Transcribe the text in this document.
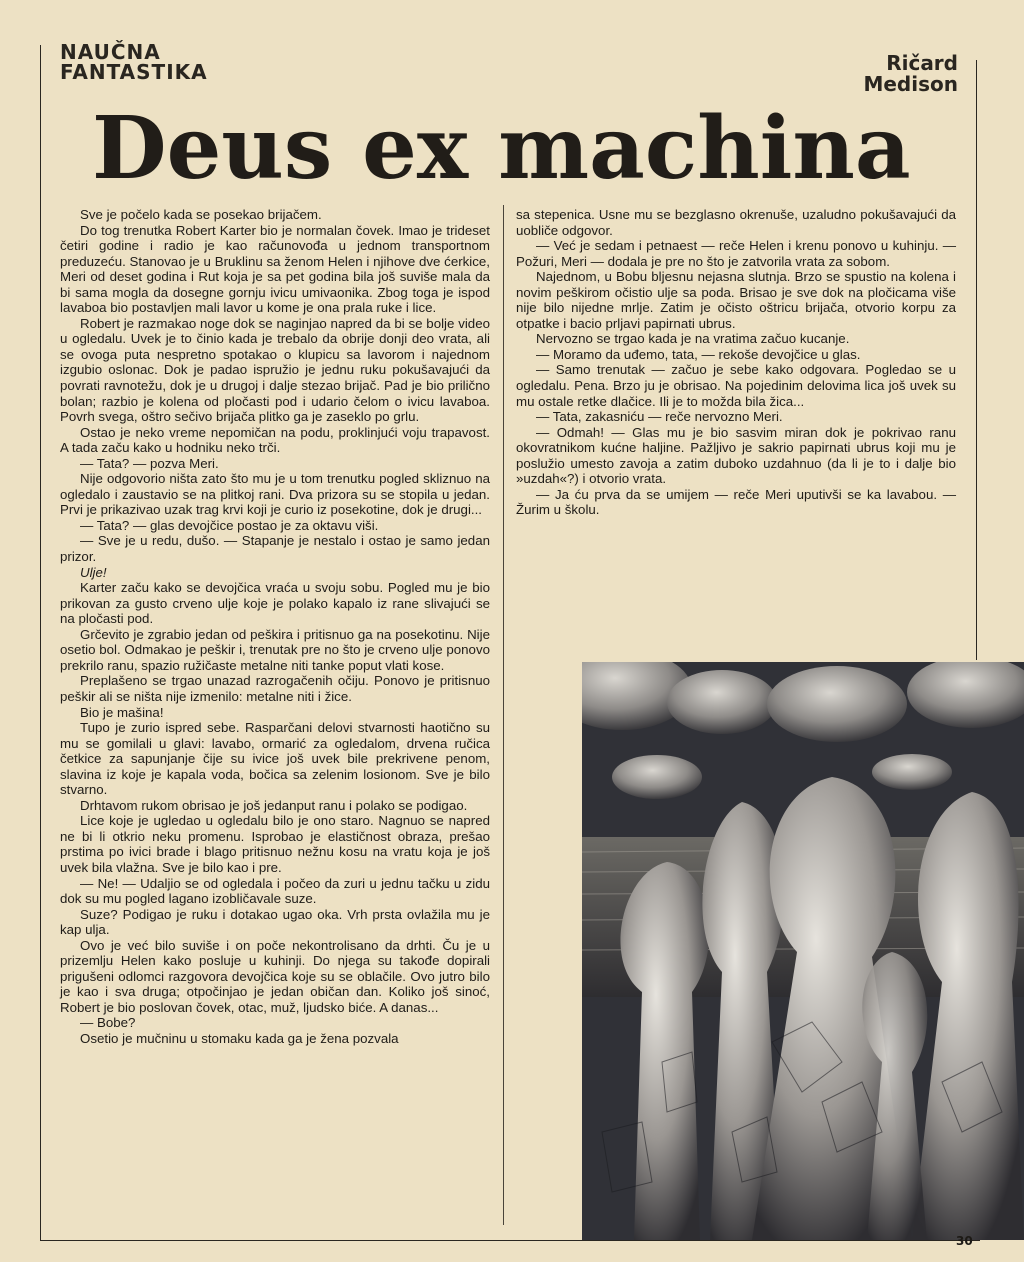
NAUČNA
FANTASTIKA	Ričard
Medison
Deus ex machina

Sve je počelo kada se posekao brijačem.

Do tog trenutka Robert Karter bio je normalan čovek. Imao je trideset četiri godine i radio je kao računovođa u jednom transportnom preduzeću. Stanovao je u Bruklinu sa ženom Helen i njihove dve ćerkice, Meri od deset godina i Rut koja je sa pet godina bila još suviše mala da bi sama mogla da dosegne gornju ivicu umivaonika. Zbog toga je ispod lavaboa bio postavljen mali lavor u kome je ona prala ruke i lice.

Robert je razmakao noge dok se naginjao napred da bi se bolje video u ogledalu. Uvek je to činio kada je trebalo da obrije donji deo vrata, ali se ovoga puta nespretno spotakao o klupicu sa lavorom i najednom izgubio oslonac. Dok je padao ispružio je jednu ruku pokušavajući da povrati ravnotežu, dok je u drugoj i dalje stezao brijač. Pad je bio prilično bolan; razbio je kolena od pločasti pod i udario čelom o ivicu lavaboa. Povrh svega, oštro sečivo brijača plitko ga je zaseklo po grlu.

Ostao je neko vreme nepomičan na podu, proklinjući voju trapavost. A tada začu kako u hodniku neko trči.

— Tata? — pozva Meri.

Nije odgovorio ništa zato što mu je u tom trenutku pogled skliznuo na ogledalo i zaustavio se na plitkoj rani. Dva prizora su se stopila u jedan. Prvi je prikazivao uzak trag krvi koji je curio iz posekotine, dok je drugi...

— Tata? — glas devojčice postao je za oktavu viši.

— Sve je u redu, dušo. — Stapanje je nestalo i ostao je samo jedan prizor.

Ulje!

Karter začu kako se devojčica vraća u svoju sobu. Pogled mu je bio prikovan za gusto crveno ulje koje je polako kapalo iz rane slivajući se na pločasti pod.

Grčevito je zgrabio jedan od peškira i pritisnuo ga na posekotinu. Nije osetio bol. Odmakao je peškir i, trenutak pre no što je crveno ulje ponovo prekrilo ranu, spazio ružičaste metalne niti tanke poput vlati kose.

Preplašeno se trgao unazad razrogačenih očiju. Ponovo je pritisnuo peškir ali se ništa nije izmenilo: metalne niti i žice.

Bio je mašina!

Tupo je zurio ispred sebe. Rasparčani delovi stvarnosti haotično su mu se gomilali u glavi: lavabo, ormarić za ogledalom, drvena ručica četkice za sapunjanje čije su ivice još uvek bile prekrivene penom, slavina iz koje je kapala voda, bočica sa zelenim losionom. Sve je bilo stvarno.

Drhtavom rukom obrisao je još jedanput ranu i polako se podigao.

Lice koje je ugledao u ogledalu bilo je ono staro. Nagnuo se napred ne bi li otkrio neku promenu. Isprobao je elastičnost obraza, prešao prstima po ivici brade i blago pritisnuo nežnu kosu na vratu koja je još uvek bila vlažna. Sve je bilo kao i pre.

— Ne! — Udaljio se od ogledala i počeo da zuri u jednu tačku u zidu dok su mu pogled lagano izobličavale suze.

Suze? Podigao je ruku i dotakao ugao oka. Vrh prsta ovlažila mu je kap ulja.

Ovo je već bilo suviše i on poče nekontrolisano da drhti. Ču je u prizemlju Helen kako posluje u kuhinji. Do njega su takođe dopirali prigušeni odlomci razgovora devojčica koje su se oblačile. Ovo jutro bilo je kao i sva druga; otpočinjao je jedan običan dan. Koliko još sinoć, Robert je bio poslovan čovek, otac, muž, ljudsko biće. A danas...

— Bobe?

Osetio je mučninu u stomaku kada ga je žena pozvala

sa stepenica. Usne mu se bezglasno okrenuše, uzaludno pokušavajući da uobliče odgovor.

— Već je sedam i petnaest — reče Helen i krenu ponovo u kuhinju. — Požuri, Meri — dodala je pre no što je zatvorila vrata za sobom.

Najednom, u Bobu bljesnu nejasna slutnja. Brzo se spustio na kolena i novim peškirom očistio ulje sa poda. Brisao je sve dok na pločicama više nije bilo nijedne mrlje. Zatim je očisto oštricu brijača, otvorio korpu za otpatke i bacio prljavi papirnati ubrus.

Nervozno se trgao kada je na vratima začuo kucanje.

— Moramo da uđemo, tata, — rekoše devojčice u glas.

— Samo trenutak — začuo je sebe kako odgovara. Pogledao se u ogledalu. Pena. Brzo ju je obrisao. Na pojedinim delovima lica još uvek su mu ostale retke dlačice. Ili je to možda bila žica...

— Tata, zakasniću — reče nervozno Meri.

— Odmah! — Glas mu je bio sasvim miran dok je pokrivao ranu okovratnikom kućne haljine. Pažljivo je sakrio papirnati ubrus koji mu je poslužio umesto zavoja a zatim duboko uzdahnuo (da li je to i dalje bio »uzdah«?) i otvorio vrata.

— Ja ću prva da se umijem — reče Meri uputivši se ka lavabou. — Žurim u školu.

30
